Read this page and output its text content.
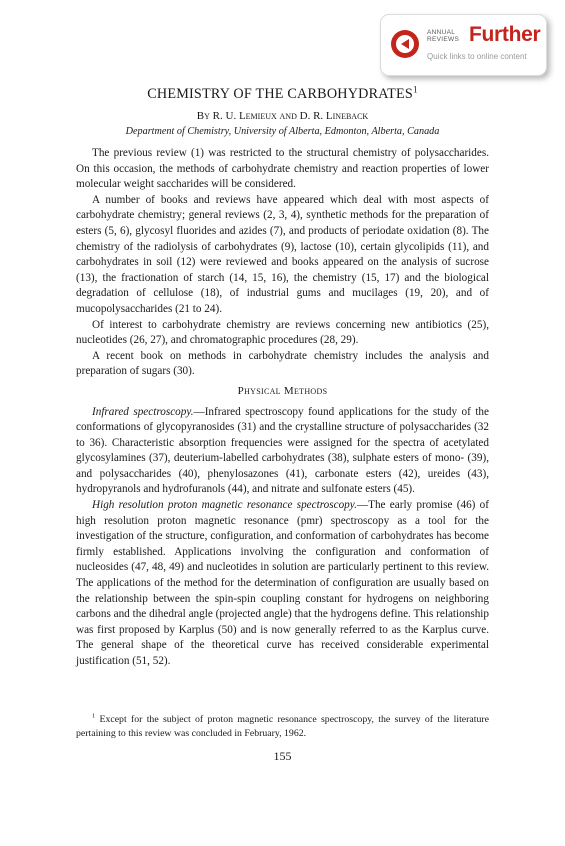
ANNUAL
REVIEWS Further
Quick links to online content
CHEMISTRY OF THE CARBOHYDRATES$^1$
By R. U. Lemieux and D. R. Lineback
Department of Chemistry, University of Alberta, Edmonton, Alberta, Canada

The previous review (1) was restricted to the structural chemistry of polysaccharides. On this occasion, the methods of carbohydrate chemistry and reaction properties of lower molecular weight saccharides will be considered.

A number of books and reviews have appeared which deal with most aspects of carbohydrate chemistry; general reviews (2, 3, 4), synthetic methods for the preparation of esters (5, 6), glycosyl fluorides and azides (7), and products of periodate oxidation (8). The chemistry of the radiolysis of carbohydrates (9), lactose (10), certain glycolipids (11), and carbohydrates in soil (12) were reviewed and books appeared on the analysis of sucrose (13), the fractionation of starch (14, 15, 16), the chemistry (15, 17) and the biological degradation of cellulose (18), of industrial gums and mucilages (19, 20), and of mucopolysaccharides (21 to 24).

Of interest to carbohydrate chemistry are reviews concerning new antibiotics (25), nucleotides (26, 27), and chromatographic procedures (28, 29).

A recent book on methods in carbohydrate chemistry includes the analysis and preparation of sugars (30).

Physical Methods

Infrared spectroscopy.—Infrared spectroscopy found applications for the study of the conformations of glycopyranosides (31) and the crystalline structure of polysaccharides (32 to 36). Characteristic absorption frequencies were assigned for the spectra of acetylated glycosylamines (37), deuterium-labelled carbohydrates (38), sulphate esters of mono- (39), and polysaccharides (40), phenylosazones (41), carbonate esters (42), ureides (43), hydropyranols and hydrofuranols (44), and nitrate and sulfonate esters (45).

High resolution proton magnetic resonance spectroscopy.—The early promise (46) of high resolution proton magnetic resonance (pmr) spectroscopy as a tool for the investigation of the structure, configuration, and conformation of carbohydrates has become firmly established. Applications involving the configuration and conformation of nucleosides (47, 48, 49) and nucleotides in solution are particularly pertinent to this review. The applications of the method for the determination of configuration are usually based on the relationship between the spin-spin coupling constant for hydrogens on neighboring carbons and the dihedral angle (projected angle) that the hydrogens define. This relationship was first proposed by Karplus (50) and is now generally referred to as the Karplus curve. The general shape of the theoretical curve has received considerable experimental justification (51, 52).

$^1$ Except for the subject of proton magnetic resonance spectroscopy, the survey of the literature pertaining to this review was concluded in February, 1962.
155
